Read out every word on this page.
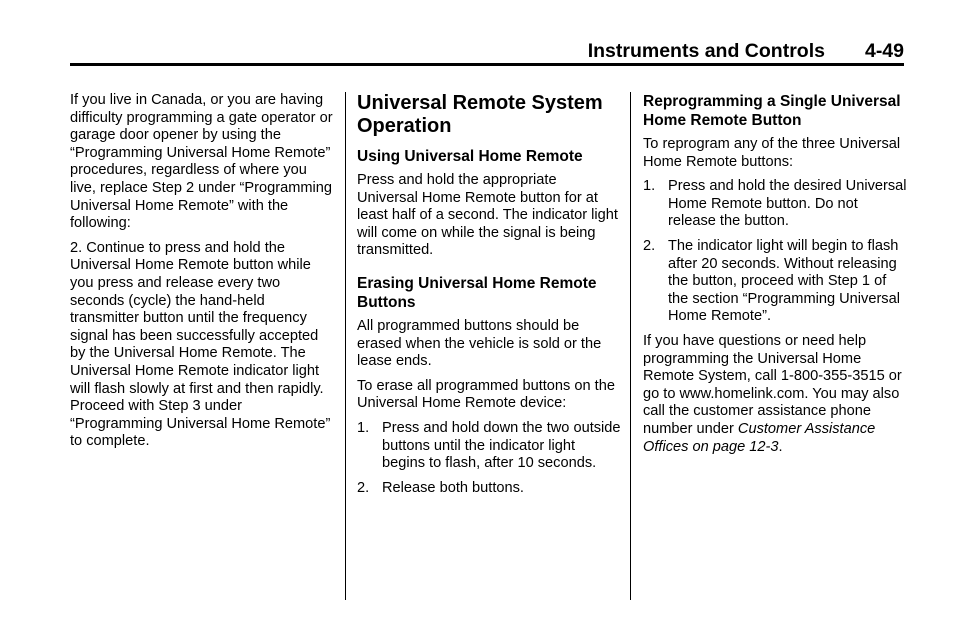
Instruments and Controls 4-49

If you live in Canada, or you are having difficulty programming a gate operator or garage door opener by using the “Programming Universal Home Remote” procedures, regardless of where you live, replace Step 2 under “Programming Universal Home Remote” with the following:

2. Continue to press and hold the Universal Home Remote button while you press and release every two seconds (cycle) the hand-held transmitter button until the frequency signal has been successfully accepted by the Universal Home Remote. The Universal Home Remote indicator light will flash slowly at first and then rapidly. Proceed with Step 3 under “Programming Universal Home Remote” to complete.

Universal Remote System Operation
Using Universal Home Remote

Press and hold the appropriate Universal Home Remote button for at least half of a second. The indicator light will come on while the signal is being transmitted.

Erasing Universal Home Remote Buttons

All programmed buttons should be erased when the vehicle is sold or the lease ends.

To erase all programmed buttons on the Universal Home Remote device:

1. Press and hold down the two outside buttons until the indicator light begins to flash, after 10 seconds.
2. Release both buttons.
Reprogramming a Single Universal Home Remote Button

To reprogram any of the three Universal Home Remote buttons:

1. Press and hold the desired Universal Home Remote button. Do not release the button.
2. The indicator light will begin to flash after 20 seconds. Without releasing the button, proceed with Step 1 of the section “Programming Universal Home Remote”.

If you have questions or need help programming the Universal Home Remote System, call 1-800-355-3515 or go to www.homelink.com. You may also call the customer assistance phone number under Customer Assistance Offices on page 12-3.
